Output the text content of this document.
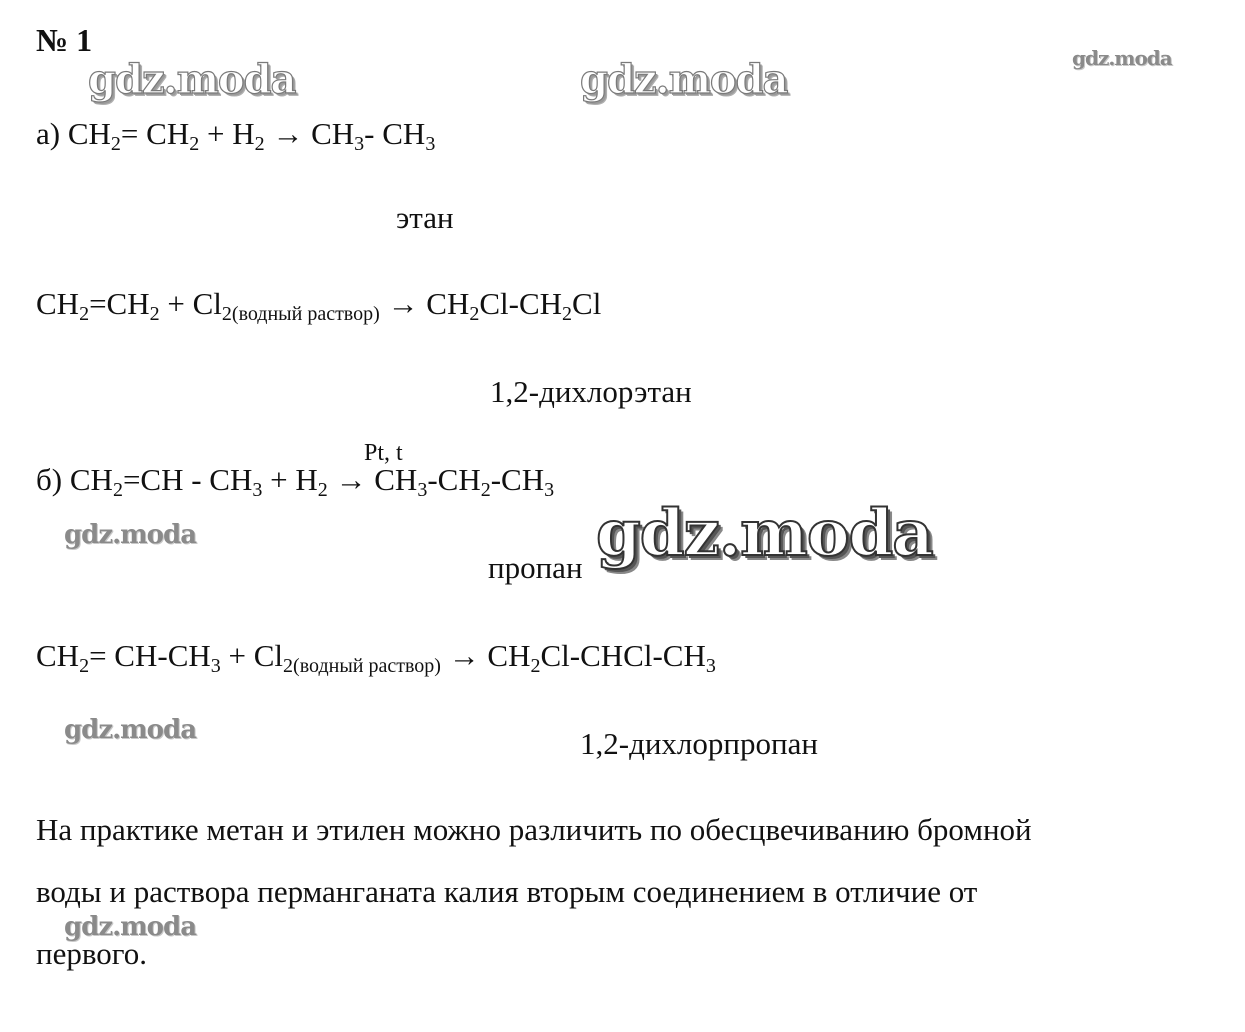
№ 1
gdz.moda	gdz.moda	gdz.moda
gdz.moda	gdz.moda
gdz.moda
gdz.moda
а) $CH_2= CH_2 + H_2 \to CH_3-$ $CH_3$
этан
$CH_2=CH_2 + Cl_{2(водный раствор)} \to CH_2Cl-CH_2Cl$
1,2-дихлорэтан
Pt, t
б) $CH_2=CH - CH_3 + H_2 \to CH_3-CH_2-CH_3$
пропан
$CH_2= CH-CH_3 + Cl_{2(водный раствор)}$ → $CH_2Cl-CHCl-CH_3$
1,2-дихлорпропан
На практике метан и этилен можно различить по обесцвечиванию бромной
воды и раствора перманганата калия вторым соединением в отличие от
первого.
